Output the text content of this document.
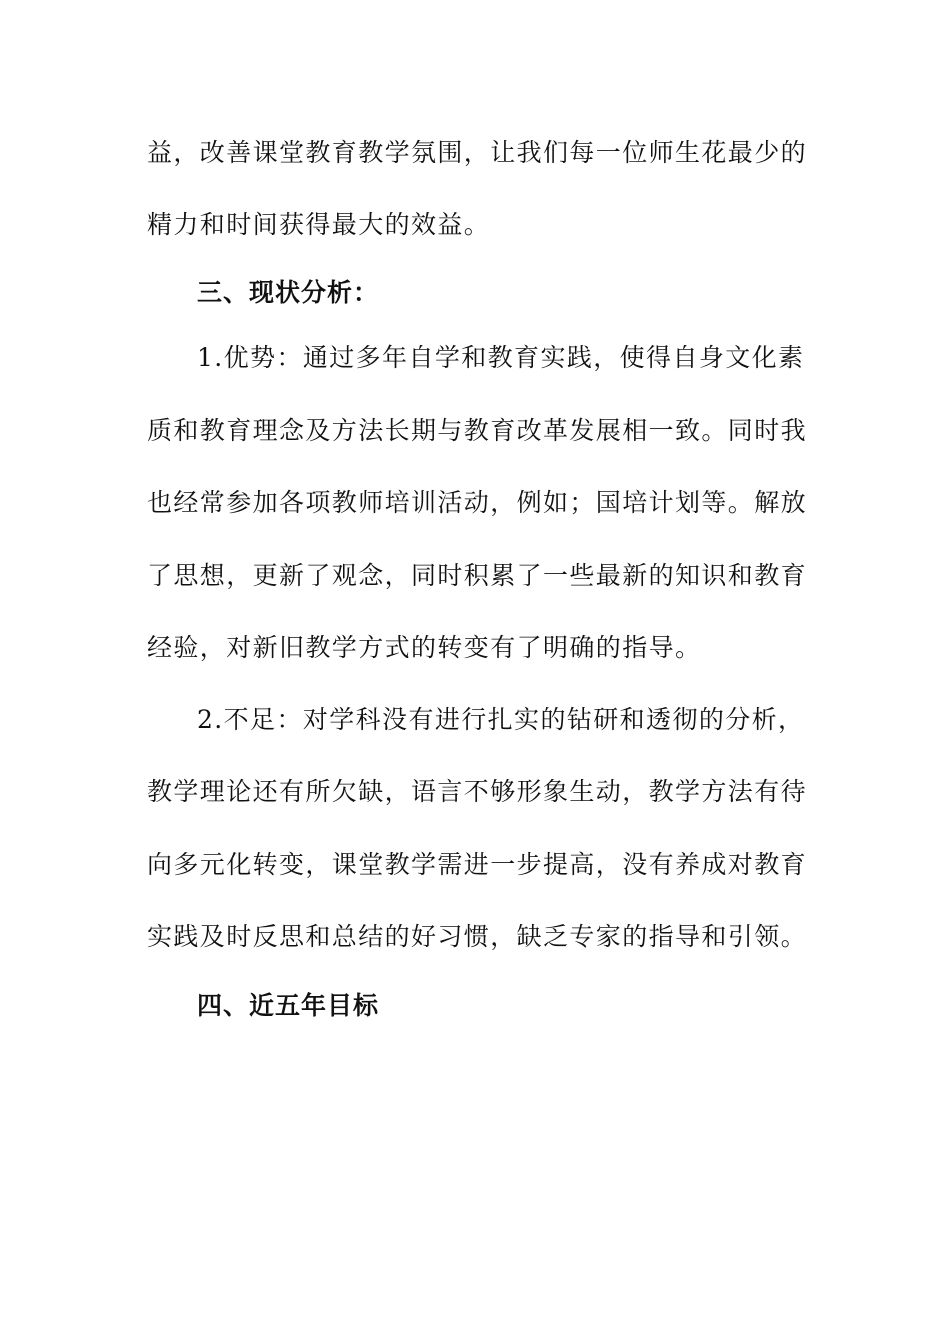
益，改善课堂教育教学氛围，让我们每一位师生花最少的
精力和时间获得最大的效益。
三、现状分析：
1.优势：通过多年自学和教育实践，使得自身文化素
质和教育理念及方法长期与教育改革发展相一致。同时我
也经常参加各项教师培训活动，例如；国培计划等。解放
了思想，更新了观念，同时积累了一些最新的知识和教育
经验，对新旧教学方式的转变有了明确的指导。
2.不足：对学科没有进行扎实的钻研和透彻的分析，
教学理论还有所欠缺，语言不够形象生动，教学方法有待
向多元化转变，课堂教学需进一步提高，没有养成对教育
实践及时反思和总结的好习惯，缺乏专家的指导和引领。
四、近五年目标
